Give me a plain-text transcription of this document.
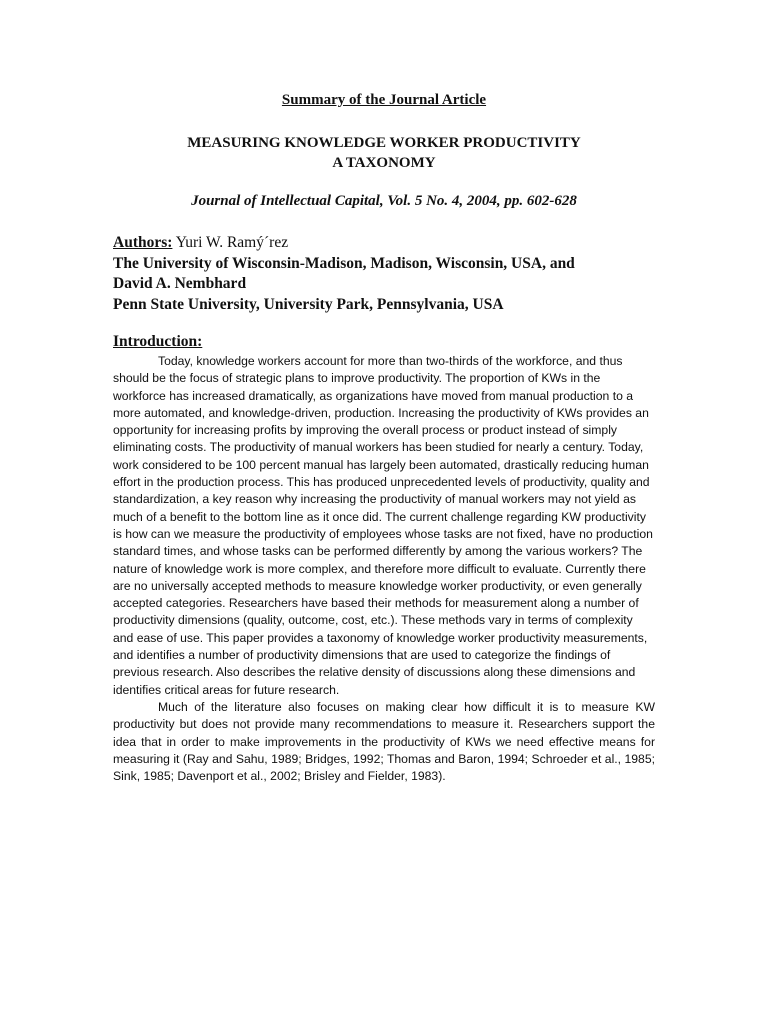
Summary of the Journal Article
MEASURING KNOWLEDGE WORKER PRODUCTIVITY
A TAXONOMY
Journal of Intellectual Capital, Vol. 5 No. 4, 2004, pp. 602-628
Authors: Yuri W. Ramý´rez
The University of Wisconsin-Madison, Madison, Wisconsin, USA, and
David A. Nembhard
Penn State University, University Park, Pennsylvania, USA
Introduction:

Today, knowledge workers account for more than two-thirds of the workforce, and thus should be the focus of strategic plans to improve productivity. The proportion of KWs in the workforce has increased dramatically, as organizations have moved from manual production to a more automated, and knowledge-driven, production. Increasing the productivity of KWs provides an opportunity for increasing profits by improving the overall process or product instead of simply eliminating costs. The productivity of manual workers has been studied for nearly a century. Today, work considered to be 100 percent manual has largely been automated, drastically reducing human effort in the production process. This has produced unprecedented levels of productivity, quality and standardization, a key reason why increasing the productivity of manual workers may not yield as much of a benefit to the bottom line as it once did. The current challenge regarding KW productivity is how can we measure the productivity of employees whose tasks are not fixed, have no production standard times, and whose tasks can be performed differently by among the various workers? The nature of knowledge work is more complex, and therefore more difficult to evaluate. Currently there are no universally accepted methods to measure knowledge worker productivity, or even generally accepted categories. Researchers have based their methods for measurement along a number of productivity dimensions (quality, outcome, cost, etc.). These methods vary in terms of complexity and ease of use. This paper provides a taxonomy of knowledge worker productivity measurements, and identifies a number of productivity dimensions that are used to categorize the findings of previous research. Also describes the relative density of discussions along these dimensions and identifies critical areas for future research.

Much of the literature also focuses on making clear how difficult it is to measure KW productivity but does not provide many recommendations to measure it. Researchers support the idea that in order to make improvements in the productivity of KWs we need effective means for measuring it (Ray and Sahu, 1989; Bridges, 1992; Thomas and Baron, 1994; Schroeder et al., 1985; Sink, 1985; Davenport et al., 2002; Brisley and Fielder, 1983).
